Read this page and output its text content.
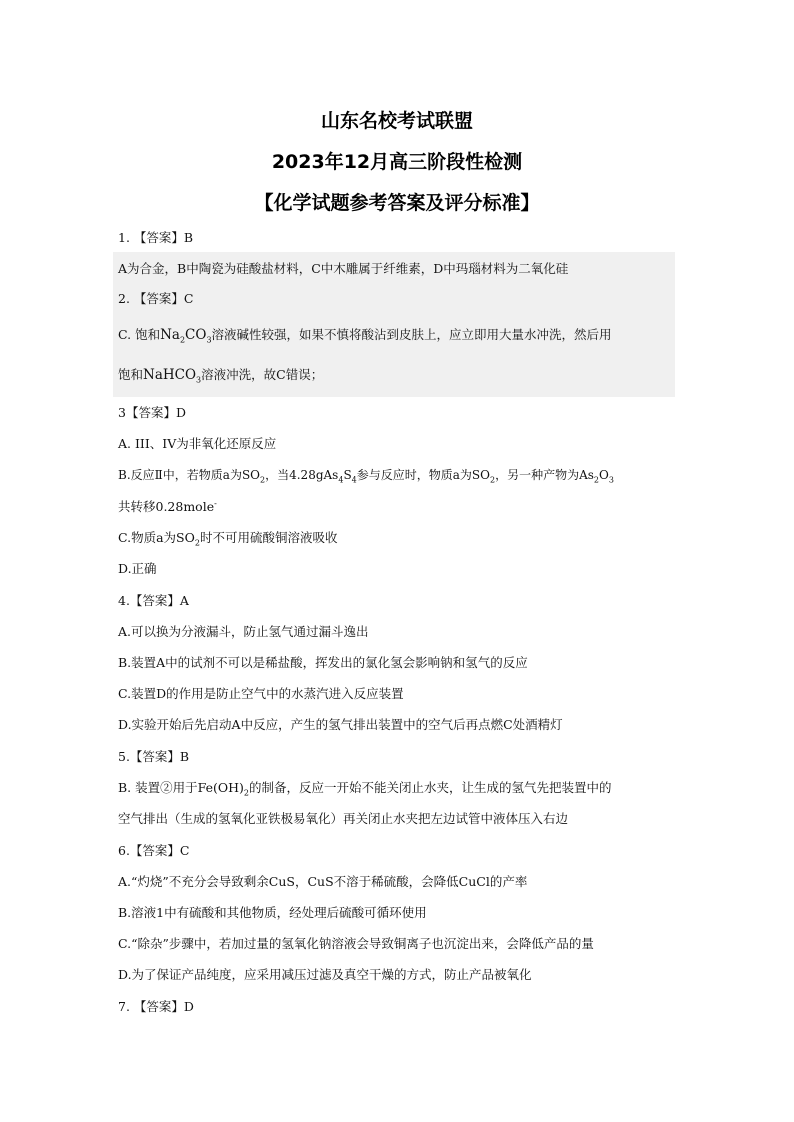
山东名校考试联盟
2023年12月高三阶段性检测
【化学试题参考答案及评分标准】
1. 【答案】B
A为合金，B中陶瓷为硅酸盐材料，C中木雕属于纤维素，D中玛瑙材料为二氧化硅
2. 【答案】C
C. 饱和$Na_2CO_3$溶液碱性较强，如果不慎将酸沾到皮肤上，应立即用大量水冲洗，然后用
饱和NaHCO$_3$溶液冲洗，故C错误；
3【答案】D
A. III、IV为非氧化还原反应
B.反应Ⅱ中，若物质a为$SO_2$，当$4.28gAs_4S_4$参与反应时，物质a为$SO_2$，另一种产物为$As_2O_3$
共转移0.28mole-
C.物质a为$SO_2$时不可用硫酸铜溶液吸收
D.正确
4.【答案】A
A.可以换为分液漏斗，防止氢气通过漏斗逸出
B.装置A中的试剂不可以是稀盐酸，挥发出的氯化氢会影响钠和氢气的反应
C.装置D的作用是防止空气中的水蒸汽进入反应装置
D.实验开始后先启动A中反应，产生的氢气排出装置中的空气后再点燃C处酒精灯
5.【答案】B
B. 装置②用于$Fe(OH)_2$的制备，反应一开始不能关闭止水夹，让生成的氢气先把装置中的
空气排出（生成的氢氧化亚铁极易氧化）再关闭止水夹把左边试管中液体压入右边
6.【答案】C
A.“灼烧”不充分会导致剩余CuS，CuS不溶于稀硫酸，会降低CuCl的产率
B.溶液1中有硫酸和其他物质，经处理后硫酸可循环使用
C.“除杂”步骤中，若加过量的氢氧化钠溶液会导致铜离子也沉淀出来，会降低产品的量
D.为了保证产品纯度，应采用减压过滤及真空干燥的方式，防止产品被氧化
7. 【答案】D
